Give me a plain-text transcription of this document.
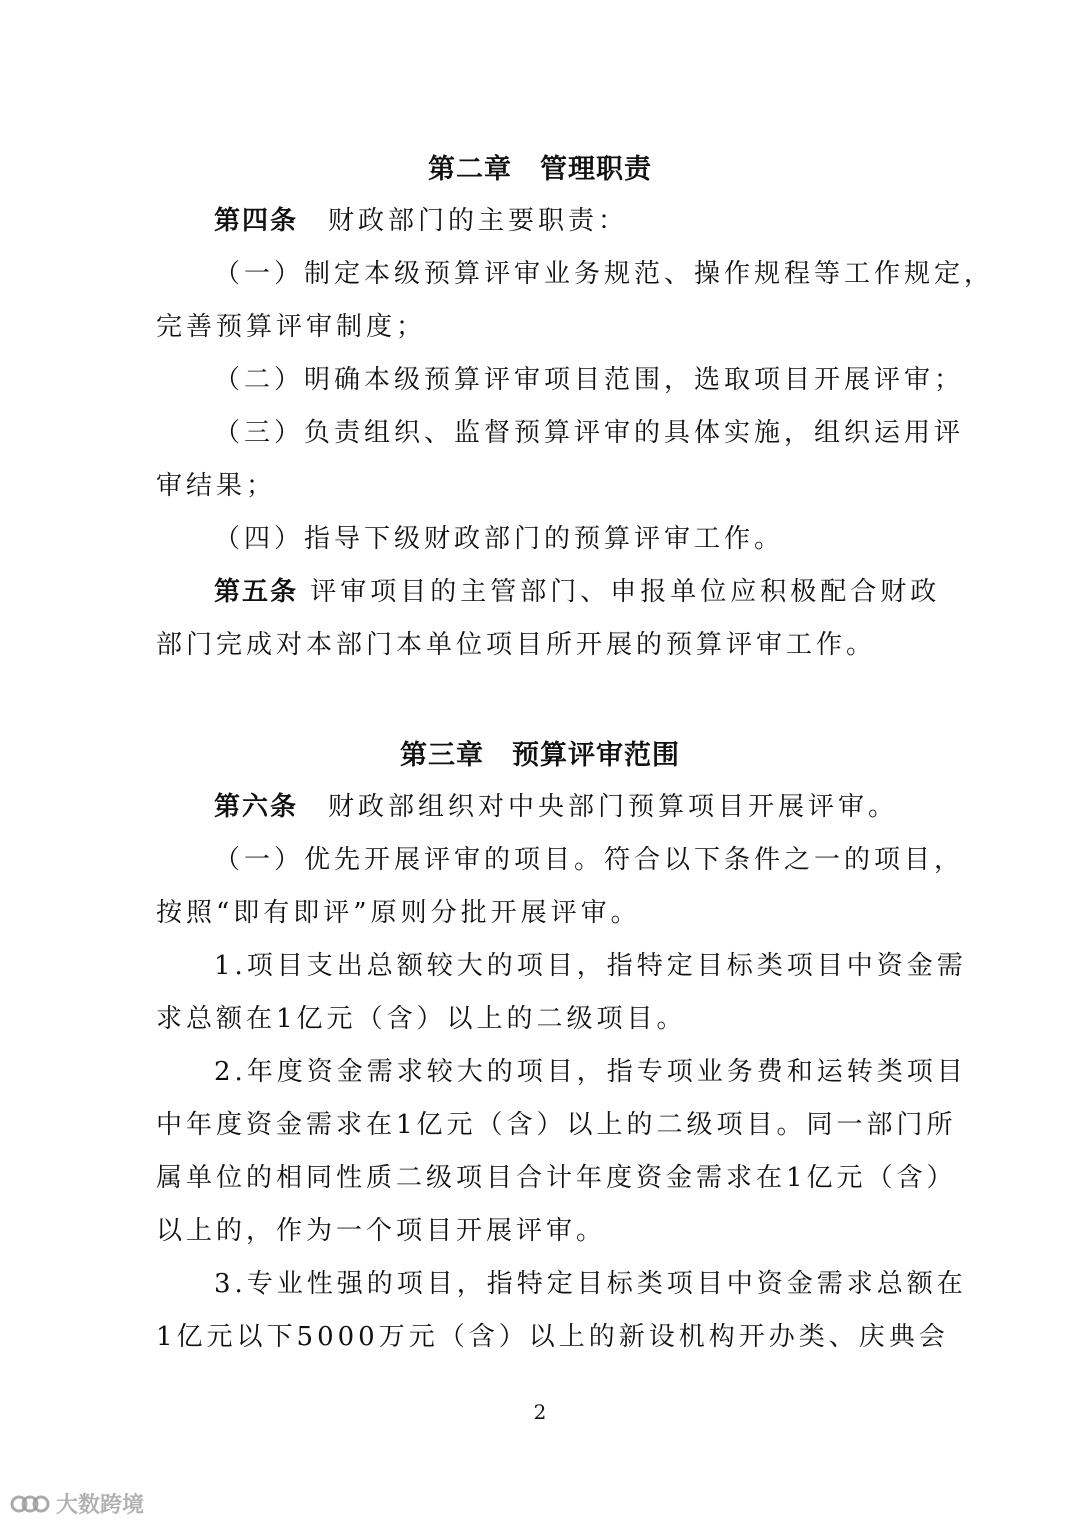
第二章　管理职责
第四条　财政部门的主要职责：
（一）制定本级预算评审业务规范、操作规程等工作规定，
完善预算评审制度；
（二）明确本级预算评审项目范围，选取项目开展评审；
（三）负责组织、监督预算评审的具体实施，组织运用评
审结果；
（四）指导下级财政部门的预算评审工作。
第五条 评审项目的主管部门、申报单位应积极配合财政
部门完成对本部门本单位项目所开展的预算评审工作。
第三章　预算评审范围
第六条　财政部组织对中央部门预算项目开展评审。
（一）优先开展评审的项目。符合以下条件之一的项目，
按照“即有即评”原则分批开展评审。
1.项目支出总额较大的项目，指特定目标类项目中资金需
求总额在1亿元（含）以上的二级项目。
2.年度资金需求较大的项目，指专项业务费和运转类项目
中年度资金需求在1亿元（含）以上的二级项目。同一部门所
属单位的相同性质二级项目合计年度资金需求在1亿元（含）
以上的，作为一个项目开展评审。
3.专业性强的项目，指特定目标类项目中资金需求总额在
1亿元以下5000万元（含）以上的新设机构开办类、庆典会
2
大数跨境
